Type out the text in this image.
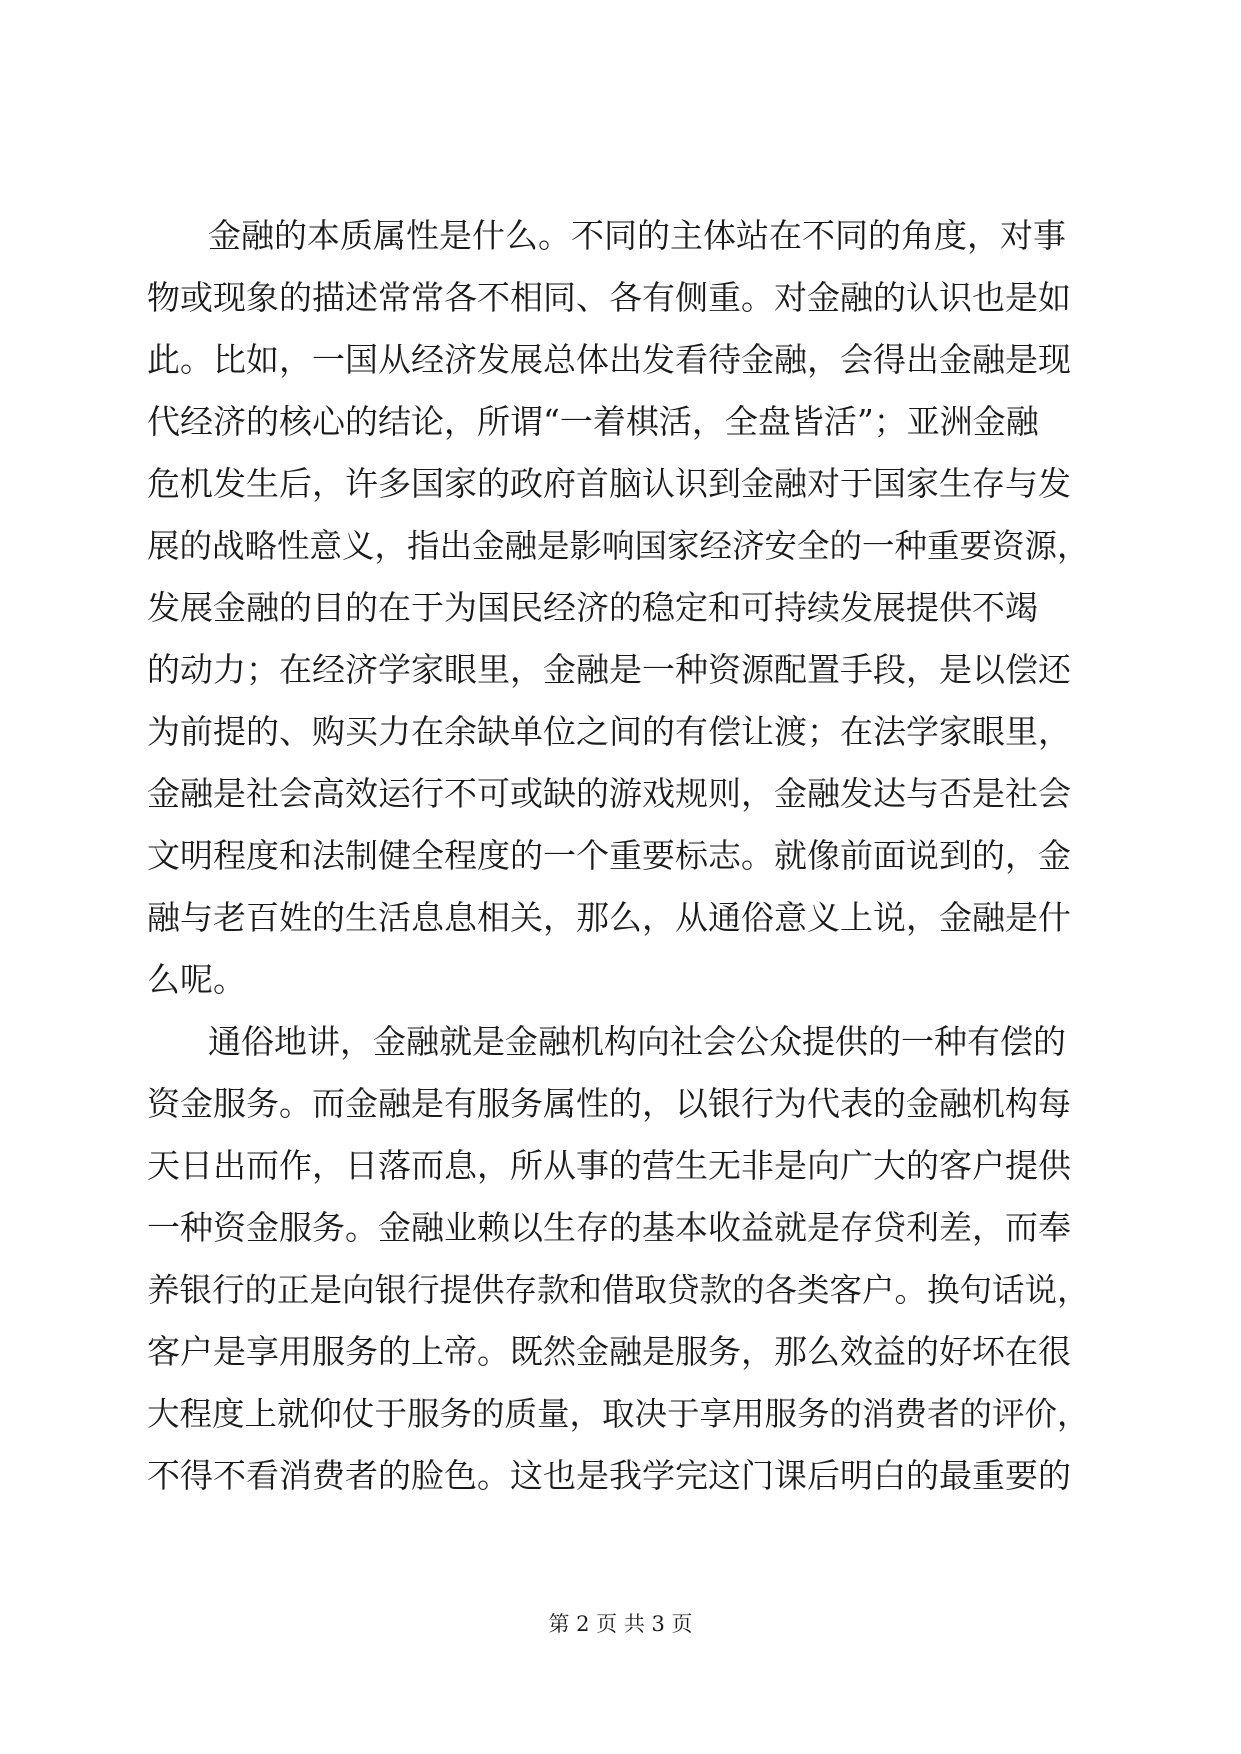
金融的本质属性是什么。不同的主体站在不同的角度，对事
物或现象的描述常常各不相同、各有侧重。对金融的认识也是如
此。比如，一国从经济发展总体出发看待金融，会得出金融是现
代经济的核心的结论，所谓“一着棋活，全盘皆活”；亚洲金融
危机发生后，许多国家的政府首脑认识到金融对于国家生存与发
展的战略性意义，指出金融是影响国家经济安全的一种重要资源，
发展金融的目的在于为国民经济的稳定和可持续发展提供不竭
的动力；在经济学家眼里，金融是一种资源配置手段，是以偿还
为前提的、购买力在余缺单位之间的有偿让渡；在法学家眼里，
金融是社会高效运行不可或缺的游戏规则，金融发达与否是社会
文明程度和法制健全程度的一个重要标志。就像前面说到的，金
融与老百姓的生活息息相关，那么，从通俗意义上说，金融是什
么呢。
通俗地讲，金融就是金融机构向社会公众提供的一种有偿的
资金服务。而金融是有服务属性的，以银行为代表的金融机构每
天日出而作，日落而息，所从事的营生无非是向广大的客户提供
一种资金服务。金融业赖以生存的基本收益就是存贷利差，而奉
养银行的正是向银行提供存款和借取贷款的各类客户。换句话说，
客户是享用服务的上帝。既然金融是服务，那么效益的好坏在很
大程度上就仰仗于服务的质量，取决于享用服务的消费者的评价，
不得不看消费者的脸色。这也是我学完这门课后明白的最重要的
第 2 页 共 3 页
